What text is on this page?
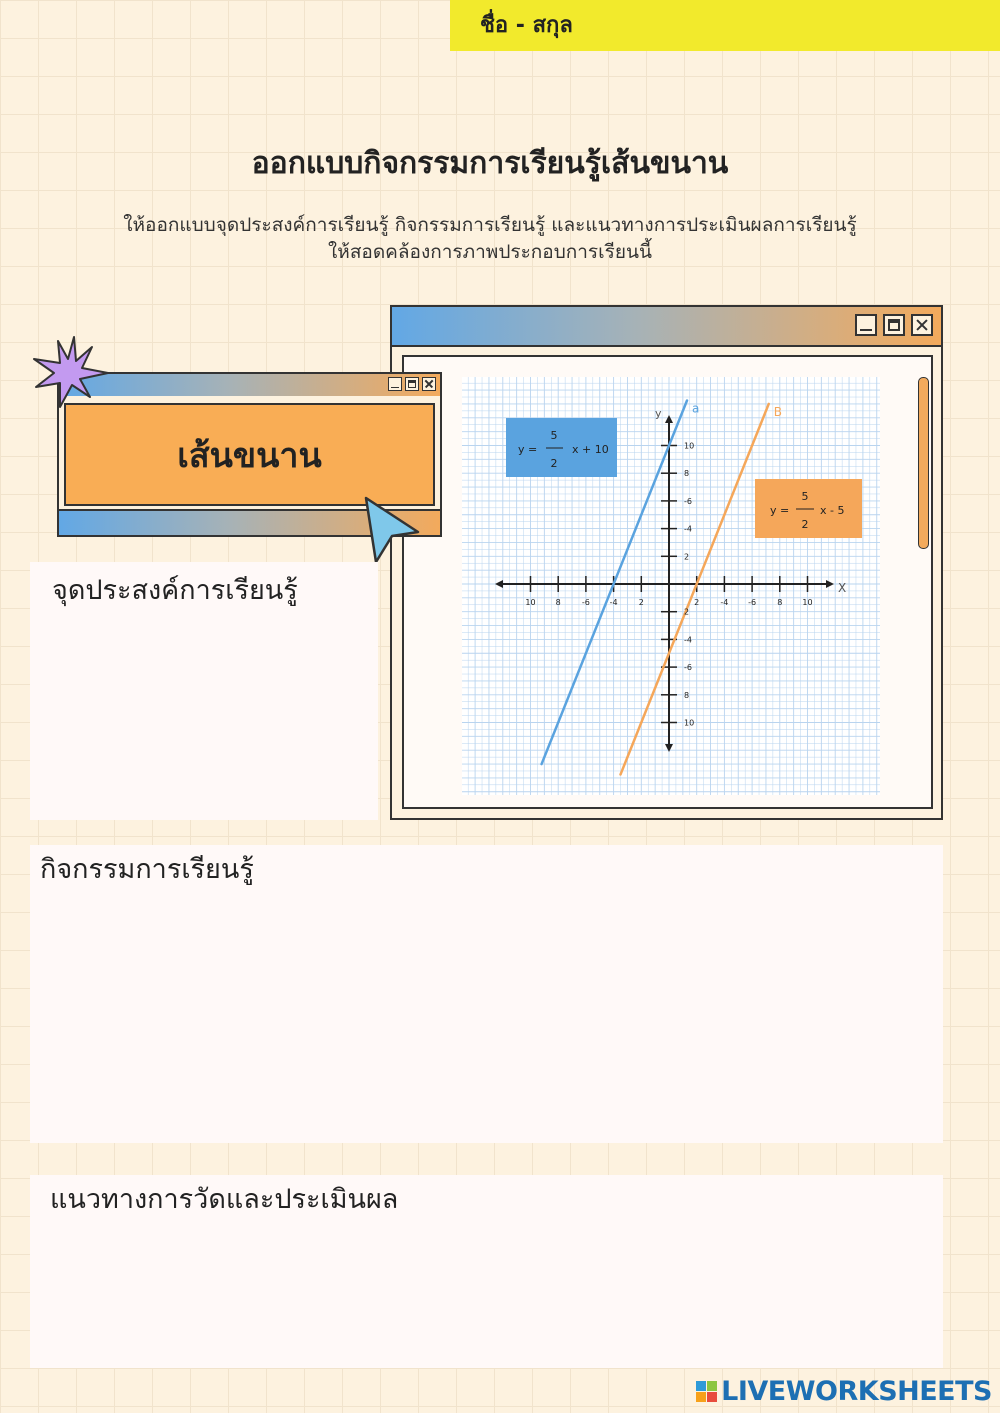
ชื่อ - สกุล
ออกแบบกิจกรรมการเรียนรู้เส้นขนาน
ให้ออกแบบจุดประสงค์การเรียนรู้ กิจกรรมการเรียนรู้ และแนวทางการประเมินผลการเรียนรู้
ให้สอดคล้องการภาพประกอบการเรียนนี้
10	8	-6 -4	2	2	-4 -6	8	10
10
8
-6
-4
2
2
-4
-6
8
10
X
y	a	B
y =
5
2
x + 10
y =
5
2
x - 5
เส้นขนาน
จุดประสงค์การเรียนรู้
กิจกรรมการเรียนรู้
แนวทางการวัดและประเมินผล
LIVEWORKSHEETS
